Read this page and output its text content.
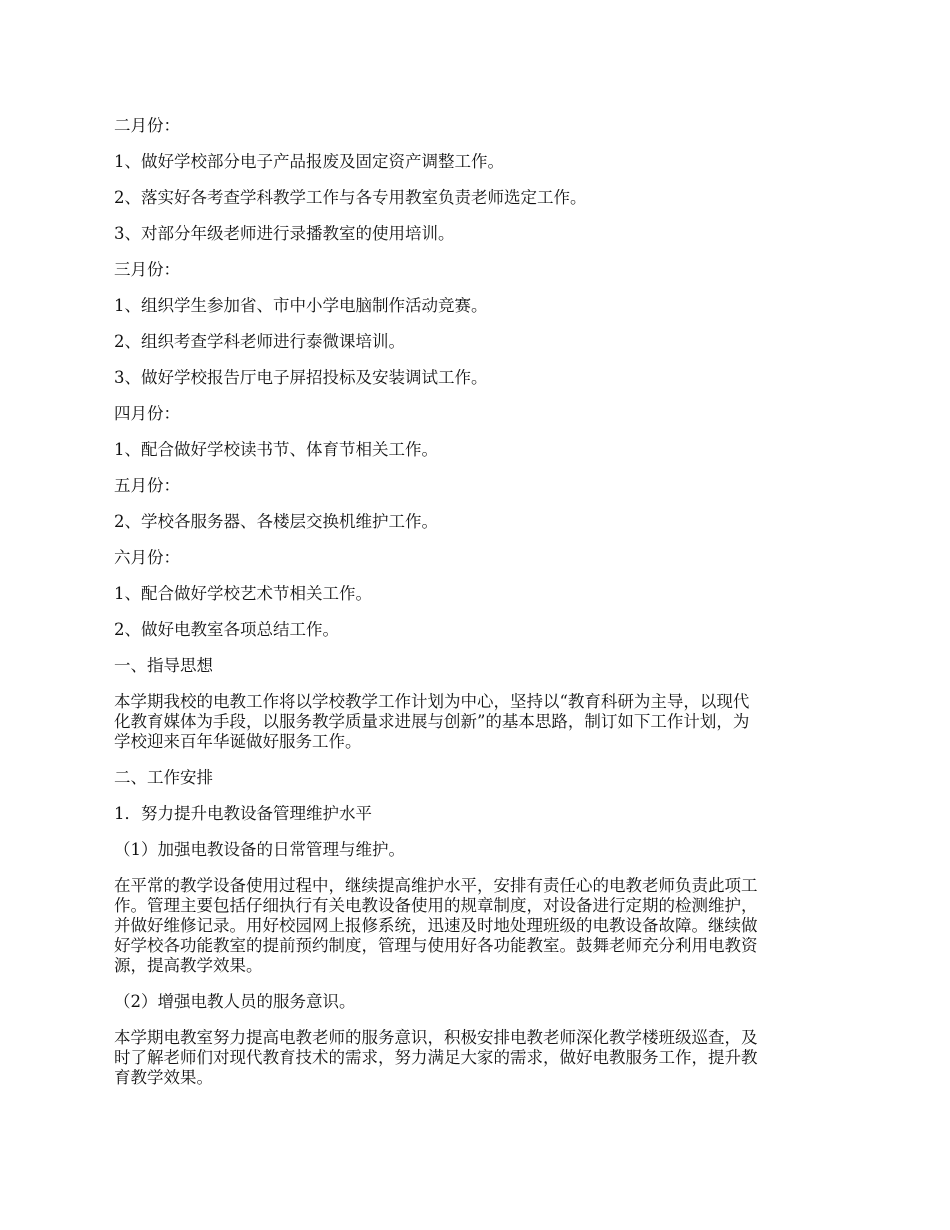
二月份：

1、做好学校部分电子产品报废及固定资产调整工作。

2、落实好各考查学科教学工作与各专用教室负责老师选定工作。

3、对部分年级老师进行录播教室的使用培训。

三月份：

1、组织学生参加省、市中小学电脑制作活动竞赛。

2、组织考查学科老师进行泰微课培训。

3、做好学校报告厅电子屏招投标及安装调试工作。

四月份：

1、配合做好学校读书节、体育节相关工作。

五月份：

2、学校各服务器、各楼层交换机维护工作。

六月份：

1、配合做好学校艺术节相关工作。

2、做好电教室各项总结工作。

一、指导思想

本学期我校的电教工作将以学校教学工作计划为中心，坚持以“教育科研为主导，以现代
化教育媒体为手段，以服务教学质量求进展与创新”的基本思路，制订如下工作计划，为
学校迎来百年华诞做好服务工作。

二、工作安排

1．努力提升电教设备管理维护水平

（1）加强电教设备的日常管理与维护。

在平常的教学设备使用过程中，继续提高维护水平，安排有责任心的电教老师负责此项工
作。管理主要包括仔细执行有关电教设备使用的规章制度，对设备进行定期的检测维护，
并做好维修记录。用好校园网上报修系统，迅速及时地处理班级的电教设备故障。继续做
好学校各功能教室的提前预约制度，管理与使用好各功能教室。鼓舞老师充分利用电教资
源，提高教学效果。

（2）增强电教人员的服务意识。

本学期电教室努力提高电教老师的服务意识，积极安排电教老师深化教学楼班级巡查，及
时了解老师们对现代教育技术的需求，努力满足大家的需求，做好电教服务工作，提升教
育教学效果。
